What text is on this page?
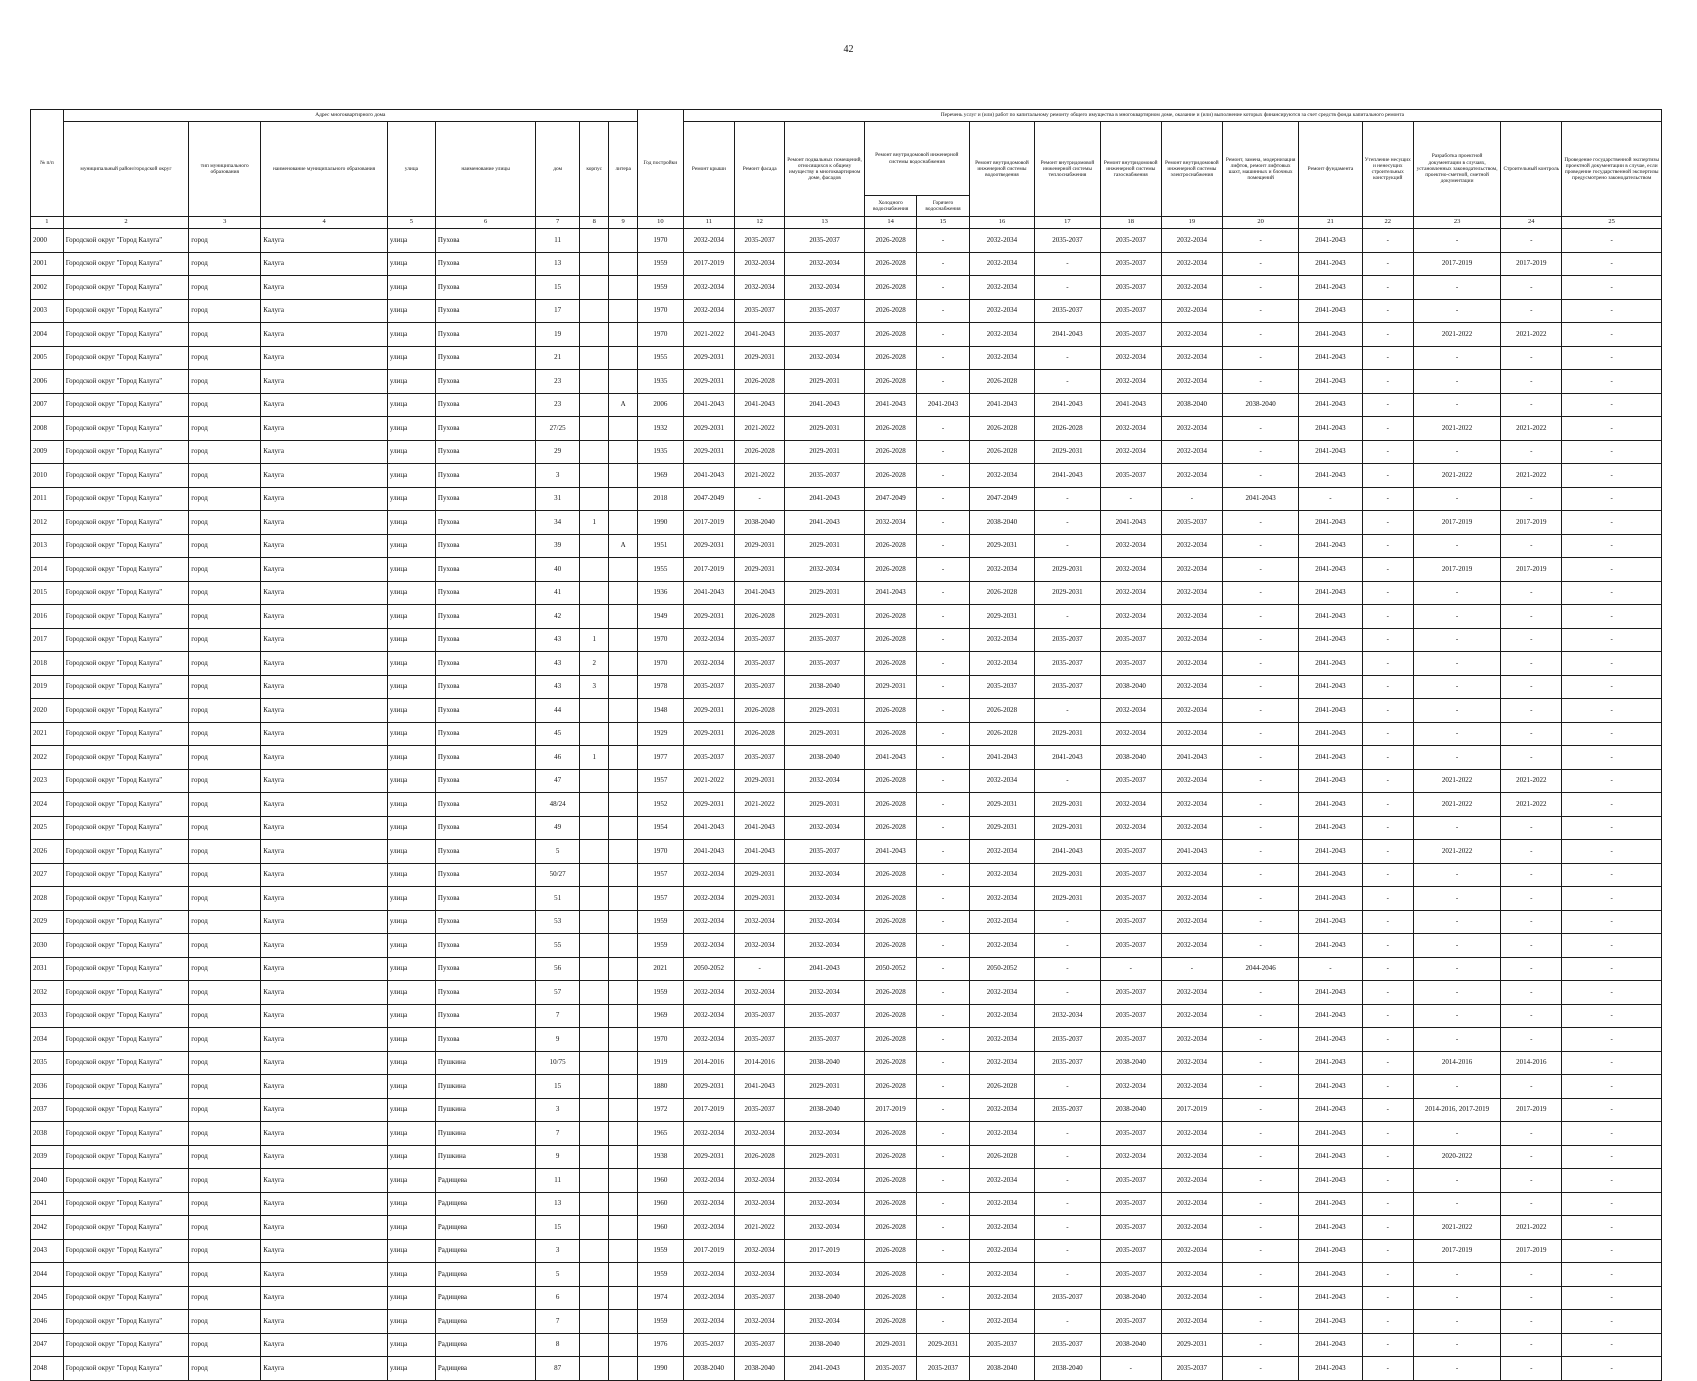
42
№ п/п	Адрес многоквартирного дома								Год постройки	Перечень услуг и (или) работ по капитальному ремонту общего имущества в многоквартирном доме, оказание и (или) выполнение которых финансируются за счет средств фонда капитального ремонта														
	муниципальный район/городской округ	тип муниципального образования	наименование муниципального образования	улица	наименование улицы	дом	корпус	литера		Ремонт крыши	Ремонт фасада	Ремонт подвальных помещений, относящихся к общему имуществу в многоквартирном доме, фасадов	Ремонт внутридомовой инженерной системы водоснабжения		Ремонт внутридомовой инженерной системы водоотведения	Ремонт внутридомовой инженерной системы теплоснабжения	Ремонт внутридомовой инженерной системы газоснабжения	Ремонт внутридомовой инженерной системы электроснабжения	Ремонт, замена, модернизация лифтов, ремонт лифтовых шахт, машинных и блочных помещений	Ремонт фундамента	Утепление несущих и ненесущих строительных конструкций	Разработка проектной документации в случаях, установленных законодательством, проектно-сметной, сметной документации	Строительный контроль	Проведение государственной экспертизы проектной документации в случае, если проведение государственной экспертизы предусмотрено законодательством
													Холодного водоснабжения	Горячего водоснабжения										
1	2	3	4	5	6	7	8	9	10	11	12	13	14	15	16	17	18	19	20	21	22	23	24	25
2000	Городской округ "Город Калуга"	город	Калуга	улица	Пухова	11			1970	2032-2034	2035-2037	2035-2037	2026-2028	-	2032-2034	2035-2037	2035-2037	2032-2034	-	2041-2043	-	-	-	-
2001	Городской округ "Город Калуга"	город	Калуга	улица	Пухова	13			1959	2017-2019	2032-2034	2032-2034	2026-2028	-	2032-2034	-	2035-2037	2032-2034	-	2041-2043	-	2017-2019	2017-2019	-
2002	Городской округ "Город Калуга"	город	Калуга	улица	Пухова	15			1959	2032-2034	2032-2034	2032-2034	2026-2028	-	2032-2034	-	2035-2037	2032-2034	-	2041-2043	-	-	-	-
2003	Городской округ "Город Калуга"	город	Калуга	улица	Пухова	17			1970	2032-2034	2035-2037	2035-2037	2026-2028	-	2032-2034	2035-2037	2035-2037	2032-2034	-	2041-2043	-	-	-	-
2004	Городской округ "Город Калуга"	город	Калуга	улица	Пухова	19			1970	2021-2022	2041-2043	2035-2037	2026-2028	-	2032-2034	2041-2043	2035-2037	2032-2034	-	2041-2043	-	2021-2022	2021-2022	-
2005	Городской округ "Город Калуга"	город	Калуга	улица	Пухова	21			1955	2029-2031	2029-2031	2032-2034	2026-2028	-	2032-2034	-	2032-2034	2032-2034	-	2041-2043	-	-	-	-
2006	Городской округ "Город Калуга"	город	Калуга	улица	Пухова	23			1935	2029-2031	2026-2028	2029-2031	2026-2028	-	2026-2028	-	2032-2034	2032-2034	-	2041-2043	-	-	-	-
2007	Городской округ "Город Калуга"	город	Калуга	улица	Пухова	23		А	2006	2041-2043	2041-2043	2041-2043	2041-2043	2041-2043	2041-2043	2041-2043	2041-2043	2038-2040	2038-2040	2041-2043	-	-	-	-
2008	Городской округ "Город Калуга"	город	Калуга	улица	Пухова	27/25			1932	2029-2031	2021-2022	2029-2031	2026-2028	-	2026-2028	2026-2028	2032-2034	2032-2034	-	2041-2043	-	2021-2022	2021-2022	-
2009	Городской округ "Город Калуга"	город	Калуга	улица	Пухова	29			1935	2029-2031	2026-2028	2029-2031	2026-2028	-	2026-2028	2029-2031	2032-2034	2032-2034	-	2041-2043	-	-	-	-
2010	Городской округ "Город Калуга"	город	Калуга	улица	Пухова	3			1969	2041-2043	2021-2022	2035-2037	2026-2028	-	2032-2034	2041-2043	2035-2037	2032-2034	-	2041-2043	-	2021-2022	2021-2022	-
2011	Городской округ "Город Калуга"	город	Калуга	улица	Пухова	31			2018	2047-2049	-	2041-2043	2047-2049	-	2047-2049	-	-	-	2041-2043	-	-	-	-	-
2012	Городской округ "Город Калуга"	город	Калуга	улица	Пухова	34	1		1990	2017-2019	2038-2040	2041-2043	2032-2034	-	2038-2040	-	2041-2043	2035-2037	-	2041-2043	-	2017-2019	2017-2019	-
2013	Городской округ "Город Калуга"	город	Калуга	улица	Пухова	39		А	1951	2029-2031	2029-2031	2029-2031	2026-2028	-	2029-2031	-	2032-2034	2032-2034	-	2041-2043	-	-	-	-
2014	Городской округ "Город Калуга"	город	Калуга	улица	Пухова	40			1955	2017-2019	2029-2031	2032-2034	2026-2028	-	2032-2034	2029-2031	2032-2034	2032-2034	-	2041-2043	-	2017-2019	2017-2019	-
2015	Городской округ "Город Калуга"	город	Калуга	улица	Пухова	41			1936	2041-2043	2041-2043	2029-2031	2041-2043	-	2026-2028	2029-2031	2032-2034	2032-2034	-	2041-2043	-	-	-	-
2016	Городской округ "Город Калуга"	город	Калуга	улица	Пухова	42			1949	2029-2031	2026-2028	2029-2031	2026-2028	-	2029-2031	-	2032-2034	2032-2034	-	2041-2043	-	-	-	-
2017	Городской округ "Город Калуга"	город	Калуга	улица	Пухова	43	1		1970	2032-2034	2035-2037	2035-2037	2026-2028	-	2032-2034	2035-2037	2035-2037	2032-2034	-	2041-2043	-	-	-	-
2018	Городской округ "Город Калуга"	город	Калуга	улица	Пухова	43	2		1970	2032-2034	2035-2037	2035-2037	2026-2028	-	2032-2034	2035-2037	2035-2037	2032-2034	-	2041-2043	-	-	-	-
2019	Городской округ "Город Калуга"	город	Калуга	улица	Пухова	43	3		1978	2035-2037	2035-2037	2038-2040	2029-2031	-	2035-2037	2035-2037	2038-2040	2032-2034	-	2041-2043	-	-	-	-
2020	Городской округ "Город Калуга"	город	Калуга	улица	Пухова	44			1948	2029-2031	2026-2028	2029-2031	2026-2028	-	2026-2028	-	2032-2034	2032-2034	-	2041-2043	-	-	-	-
2021	Городской округ "Город Калуга"	город	Калуга	улица	Пухова	45			1929	2029-2031	2026-2028	2029-2031	2026-2028	-	2026-2028	2029-2031	2032-2034	2032-2034	-	2041-2043	-	-	-	-
2022	Городской округ "Город Калуга"	город	Калуга	улица	Пухова	46	1		1977	2035-2037	2035-2037	2038-2040	2041-2043	-	2041-2043	2041-2043	2038-2040	2041-2043	-	2041-2043	-	-	-	-
2023	Городской округ "Город Калуга"	город	Калуга	улица	Пухова	47			1957	2021-2022	2029-2031	2032-2034	2026-2028	-	2032-2034	-	2035-2037	2032-2034	-	2041-2043	-	2021-2022	2021-2022	-
2024	Городской округ "Город Калуга"	город	Калуга	улица	Пухова	48/24			1952	2029-2031	2021-2022	2029-2031	2026-2028	-	2029-2031	2029-2031	2032-2034	2032-2034	-	2041-2043	-	2021-2022	2021-2022	-
2025	Городской округ "Город Калуга"	город	Калуга	улица	Пухова	49			1954	2041-2043	2041-2043	2032-2034	2026-2028	-	2029-2031	2029-2031	2032-2034	2032-2034	-	2041-2043	-	-	-	-
2026	Городской округ "Город Калуга"	город	Калуга	улица	Пухова	5			1970	2041-2043	2041-2043	2035-2037	2041-2043	-	2032-2034	2041-2043	2035-2037	2041-2043	-	2041-2043	-	2021-2022	-	-
2027	Городской округ "Город Калуга"	город	Калуга	улица	Пухова	50/27			1957	2032-2034	2029-2031	2032-2034	2026-2028	-	2032-2034	2029-2031	2035-2037	2032-2034	-	2041-2043	-	-	-	-
2028	Городской округ "Город Калуга"	город	Калуга	улица	Пухова	51			1957	2032-2034	2029-2031	2032-2034	2026-2028	-	2032-2034	2029-2031	2035-2037	2032-2034	-	2041-2043	-	-	-	-
2029	Городской округ "Город Калуга"	город	Калуга	улица	Пухова	53			1959	2032-2034	2032-2034	2032-2034	2026-2028	-	2032-2034	-	2035-2037	2032-2034	-	2041-2043	-	-	-	-
2030	Городской округ "Город Калуга"	город	Калуга	улица	Пухова	55			1959	2032-2034	2032-2034	2032-2034	2026-2028	-	2032-2034	-	2035-2037	2032-2034	-	2041-2043	-	-	-	-
2031	Городской округ "Город Калуга"	город	Калуга	улица	Пухова	56			2021	2050-2052	-	2041-2043	2050-2052	-	2050-2052	-	-	-	2044-2046	-	-	-	-	-
2032	Городской округ "Город Калуга"	город	Калуга	улица	Пухова	57			1959	2032-2034	2032-2034	2032-2034	2026-2028	-	2032-2034	-	2035-2037	2032-2034	-	2041-2043	-	-	-	-
2033	Городской округ "Город Калуга"	город	Калуга	улица	Пухова	7			1969	2032-2034	2035-2037	2035-2037	2026-2028	-	2032-2034	2032-2034	2035-2037	2032-2034	-	2041-2043	-	-	-	-
2034	Городской округ "Город Калуга"	город	Калуга	улица	Пухова	9			1970	2032-2034	2035-2037	2035-2037	2026-2028	-	2032-2034	2035-2037	2035-2037	2032-2034	-	2041-2043	-	-	-	-
2035	Городской округ "Город Калуга"	город	Калуга	улица	Пушкина	10/75			1919	2014-2016	2014-2016	2038-2040	2026-2028	-	2032-2034	2035-2037	2038-2040	2032-2034	-	2041-2043	-	2014-2016	2014-2016	-
2036	Городской округ "Город Калуга"	город	Калуга	улица	Пушкина	15			1880	2029-2031	2041-2043	2029-2031	2026-2028	-	2026-2028	-	2032-2034	2032-2034	-	2041-2043	-	-	-	-
2037	Городской округ "Город Калуга"	город	Калуга	улица	Пушкина	3			1972	2017-2019	2035-2037	2038-2040	2017-2019	-	2032-2034	2035-2037	2038-2040	2017-2019	-	2041-2043	-	2014-2016, 2017-2019	2017-2019	-
2038	Городской округ "Город Калуга"	город	Калуга	улица	Пушкина	7			1965	2032-2034	2032-2034	2032-2034	2026-2028	-	2032-2034	-	2035-2037	2032-2034	-	2041-2043	-	-	-	-
2039	Городской округ "Город Калуга"	город	Калуга	улица	Пушкина	9			1938	2029-2031	2026-2028	2029-2031	2026-2028	-	2026-2028	-	2032-2034	2032-2034	-	2041-2043	-	2020-2022	-	-
2040	Городской округ "Город Калуга"	город	Калуга	улица	Радищева	11			1960	2032-2034	2032-2034	2032-2034	2026-2028	-	2032-2034	-	2035-2037	2032-2034	-	2041-2043	-	-	-	-
2041	Городской округ "Город Калуга"	город	Калуга	улица	Радищева	13			1960	2032-2034	2032-2034	2032-2034	2026-2028	-	2032-2034	-	2035-2037	2032-2034	-	2041-2043	-	-	-	-
2042	Городской округ "Город Калуга"	город	Калуга	улица	Радищева	15			1960	2032-2034	2021-2022	2032-2034	2026-2028	-	2032-2034	-	2035-2037	2032-2034	-	2041-2043	-	2021-2022	2021-2022	-
2043	Городской округ "Город Калуга"	город	Калуга	улица	Радищева	3			1959	2017-2019	2032-2034	2017-2019	2026-2028	-	2032-2034	-	2035-2037	2032-2034	-	2041-2043	-	2017-2019	2017-2019	-
2044	Городской округ "Город Калуга"	город	Калуга	улица	Радищева	5			1959	2032-2034	2032-2034	2032-2034	2026-2028	-	2032-2034	-	2035-2037	2032-2034	-	2041-2043	-	-	-	-
2045	Городской округ "Город Калуга"	город	Калуга	улица	Радищева	6			1974	2032-2034	2035-2037	2038-2040	2026-2028	-	2032-2034	2035-2037	2038-2040	2032-2034	-	2041-2043	-	-	-	-
2046	Городской округ "Город Калуга"	город	Калуга	улица	Радищева	7			1959	2032-2034	2032-2034	2032-2034	2026-2028	-	2032-2034	-	2035-2037	2032-2034	-	2041-2043	-	-	-	-
2047	Городской округ "Город Калуга"	город	Калуга	улица	Радищева	8			1976	2035-2037	2035-2037	2038-2040	2029-2031	2029-2031	2035-2037	2035-2037	2038-2040	2029-2031	-	2041-2043	-	-	-	-
2048	Городской округ "Город Калуга"	город	Калуга	улица	Радищева	87			1990	2038-2040	2038-2040	2041-2043	2035-2037	2035-2037	2038-2040	2038-2040	-	2035-2037	-	2041-2043	-	-	-	-
